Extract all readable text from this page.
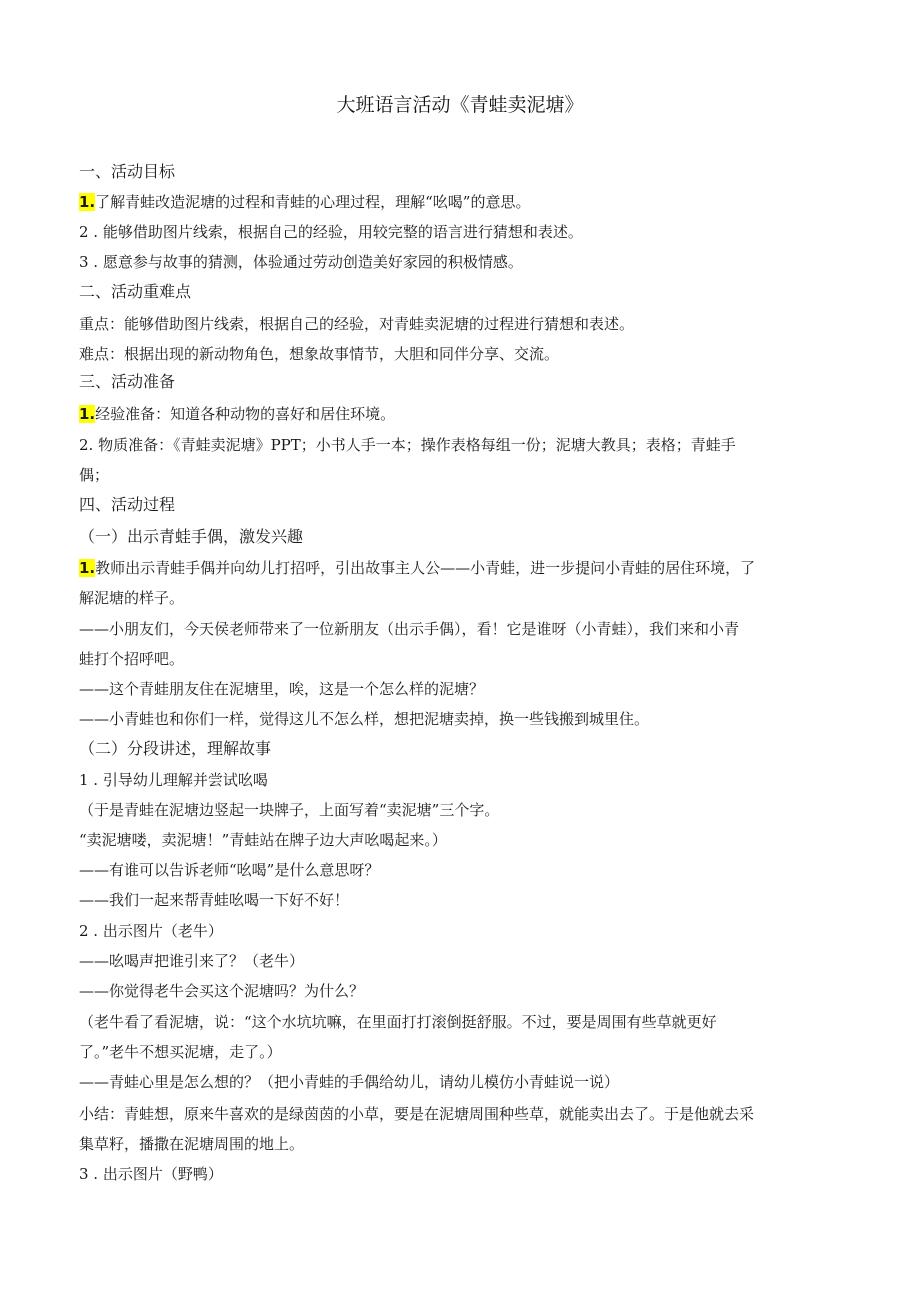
大班语言活动《青蛙卖泥塘》
一、活动目标
1.了解青蛙改造泥塘的过程和青蛙的心理过程，理解“吆喝”的意思。
2 . 能够借助图片线索，根据自己的经验，用较完整的语言进行猜想和表述。
3 . 愿意参与故事的猜测，体验通过劳动创造美好家园的积极情感。
二、活动重难点
重点：能够借助图片线索，根据自己的经验，对青蛙卖泥塘的过程进行猜想和表述。
难点：根据出现的新动物角色，想象故事情节，大胆和同伴分享、交流。
三、活动准备
1.经验准备：知道各种动物的喜好和居住环境。
2. 物质准备：《青蛙卖泥塘》PPT；小书人手一本；操作表格每组一份；泥塘大教具；表格；青蛙手
偶；
四、活动过程
（一）出示青蛙手偶，激发兴趣
1.教师出示青蛙手偶并向幼儿打招呼，引出故事主人公——小青蛙，进一步提问小青蛙的居住环境，了
解泥塘的样子。
——小朋友们，今天侯老师带来了一位新朋友（出示手偶），看！它是谁呀（小青蛙），我们来和小青
蛙打个招呼吧。
——这个青蛙朋友住在泥塘里，唉，这是一个怎么样的泥塘？
——小青蛙也和你们一样，觉得这儿不怎么样，想把泥塘卖掉，换一些钱搬到城里住。
（二）分段讲述，理解故事
1 . 引导幼儿理解并尝试吆喝
（于是青蛙在泥塘边竖起一块牌子，上面写着“卖泥塘”三个字。
“卖泥塘喽，卖泥塘！”青蛙站在牌子边大声吆喝起来。）
——有谁可以告诉老师“吆喝”是什么意思呀？
——我们一起来帮青蛙吆喝一下好不好！
2 . 出示图片（老牛）
——吆喝声把谁引来了？（老牛）
——你觉得老牛会买这个泥塘吗？为什么？
（老牛看了看泥塘，说：“这个水坑坑嘛，在里面打打滚倒挺舒服。不过，要是周围有些草就更好
了。”老牛不想买泥塘，走了。）
——青蛙心里是怎么想的？（把小青蛙的手偶给幼儿，请幼儿模仿小青蛙说一说）
小结：青蛙想，原来牛喜欢的是绿茵茵的小草，要是在泥塘周围种些草，就能卖出去了。于是他就去采
集草籽，播撒在泥塘周围的地上。
3 . 出示图片（野鸭）
